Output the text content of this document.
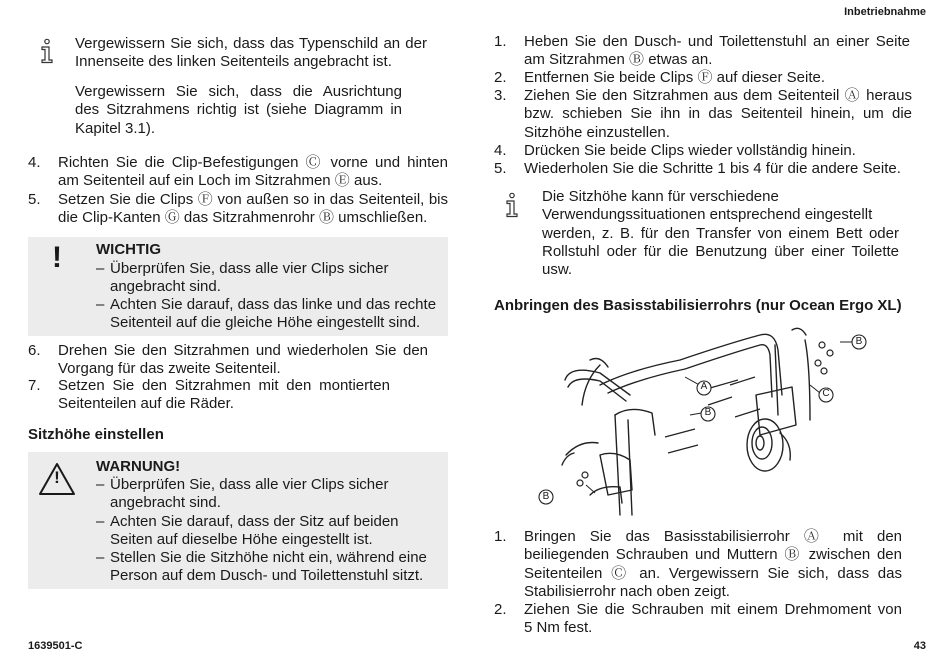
Inbetriebnahme
1639501-C	43
Vergewissern Sie sich, dass das Typenschild an der
Innenseite des linken Seitenteils angebracht ist.
Vergewissern Sie sich, dass die Ausrichtung
des Sitzrahmens richtig ist (siehe Diagramm in
Kapitel 3.1).
4. Richten Sie die Clip-Befestigungen Ⓒ vorne und hinten
am Seitenteil auf ein Loch im Sitzrahmen Ⓔ aus.
5. Setzen Sie die Clips Ⓕ von außen so in das Seitenteil, bis
die Clip-Kanten Ⓖ das Sitzrahmenrohr Ⓑ umschließen.
! WICHTIG
– Überprüfen Sie, dass alle vier Clips sicher
angebracht sind.
– Achten Sie darauf, dass das linke und das rechte
Seitenteil auf die gleiche Höhe eingestellt sind.
6. Drehen Sie den Sitzrahmen und wiederholen Sie den
Vorgang für das zweite Seitenteil.
7. Setzen Sie den Sitzrahmen mit den montierten
Seitenteilen auf die Räder.
Sitzhöhe einstellen
!
WARNUNG!
– Überprüfen Sie, dass alle vier Clips sicher
angebracht sind.
– Achten Sie darauf, dass der Sitz auf beiden
Seiten auf dieselbe Höhe eingestellt ist.
– Stellen Sie die Sitzhöhe nicht ein, während eine
Person auf dem Dusch- und Toilettenstuhl sitzt.
1. Heben Sie den Dusch- und Toilettenstuhl an einer Seite
am Sitzrahmen Ⓑ etwas an.
2. Entfernen Sie beide Clips Ⓕ auf dieser Seite.
3. Ziehen Sie den Sitzrahmen aus dem Seitenteil Ⓐ heraus
bzw. schieben Sie ihn in das Seitenteil hinein, um die
Sitzhöhe einzustellen.
4. Drücken Sie beide Clips wieder vollständig hinein.
5. Wiederholen Sie die Schritte 1 bis 4 für die andere Seite.
Die Sitzhöhe kann für verschiedene
Verwendungssituationen entsprechend eingestellt
werden, z. B. für den Transfer von einem Bett oder
Rollstuhl oder für die Benutzung über einer Toilette
usw.
Anbringen des Basisstabilisierrohrs (nur Ocean Ergo XL)
A
B
B
C
B
1. Bringen Sie das Basisstabilisierrohr Ⓐ mit den
beiliegenden Schrauben und Muttern Ⓑ zwischen den
Seitenteilen Ⓒ an. Vergewissern Sie sich, dass das
Stabilisierrohr nach oben zeigt.
2. Ziehen Sie die Schrauben mit einem Drehmoment von
5 Nm fest.
